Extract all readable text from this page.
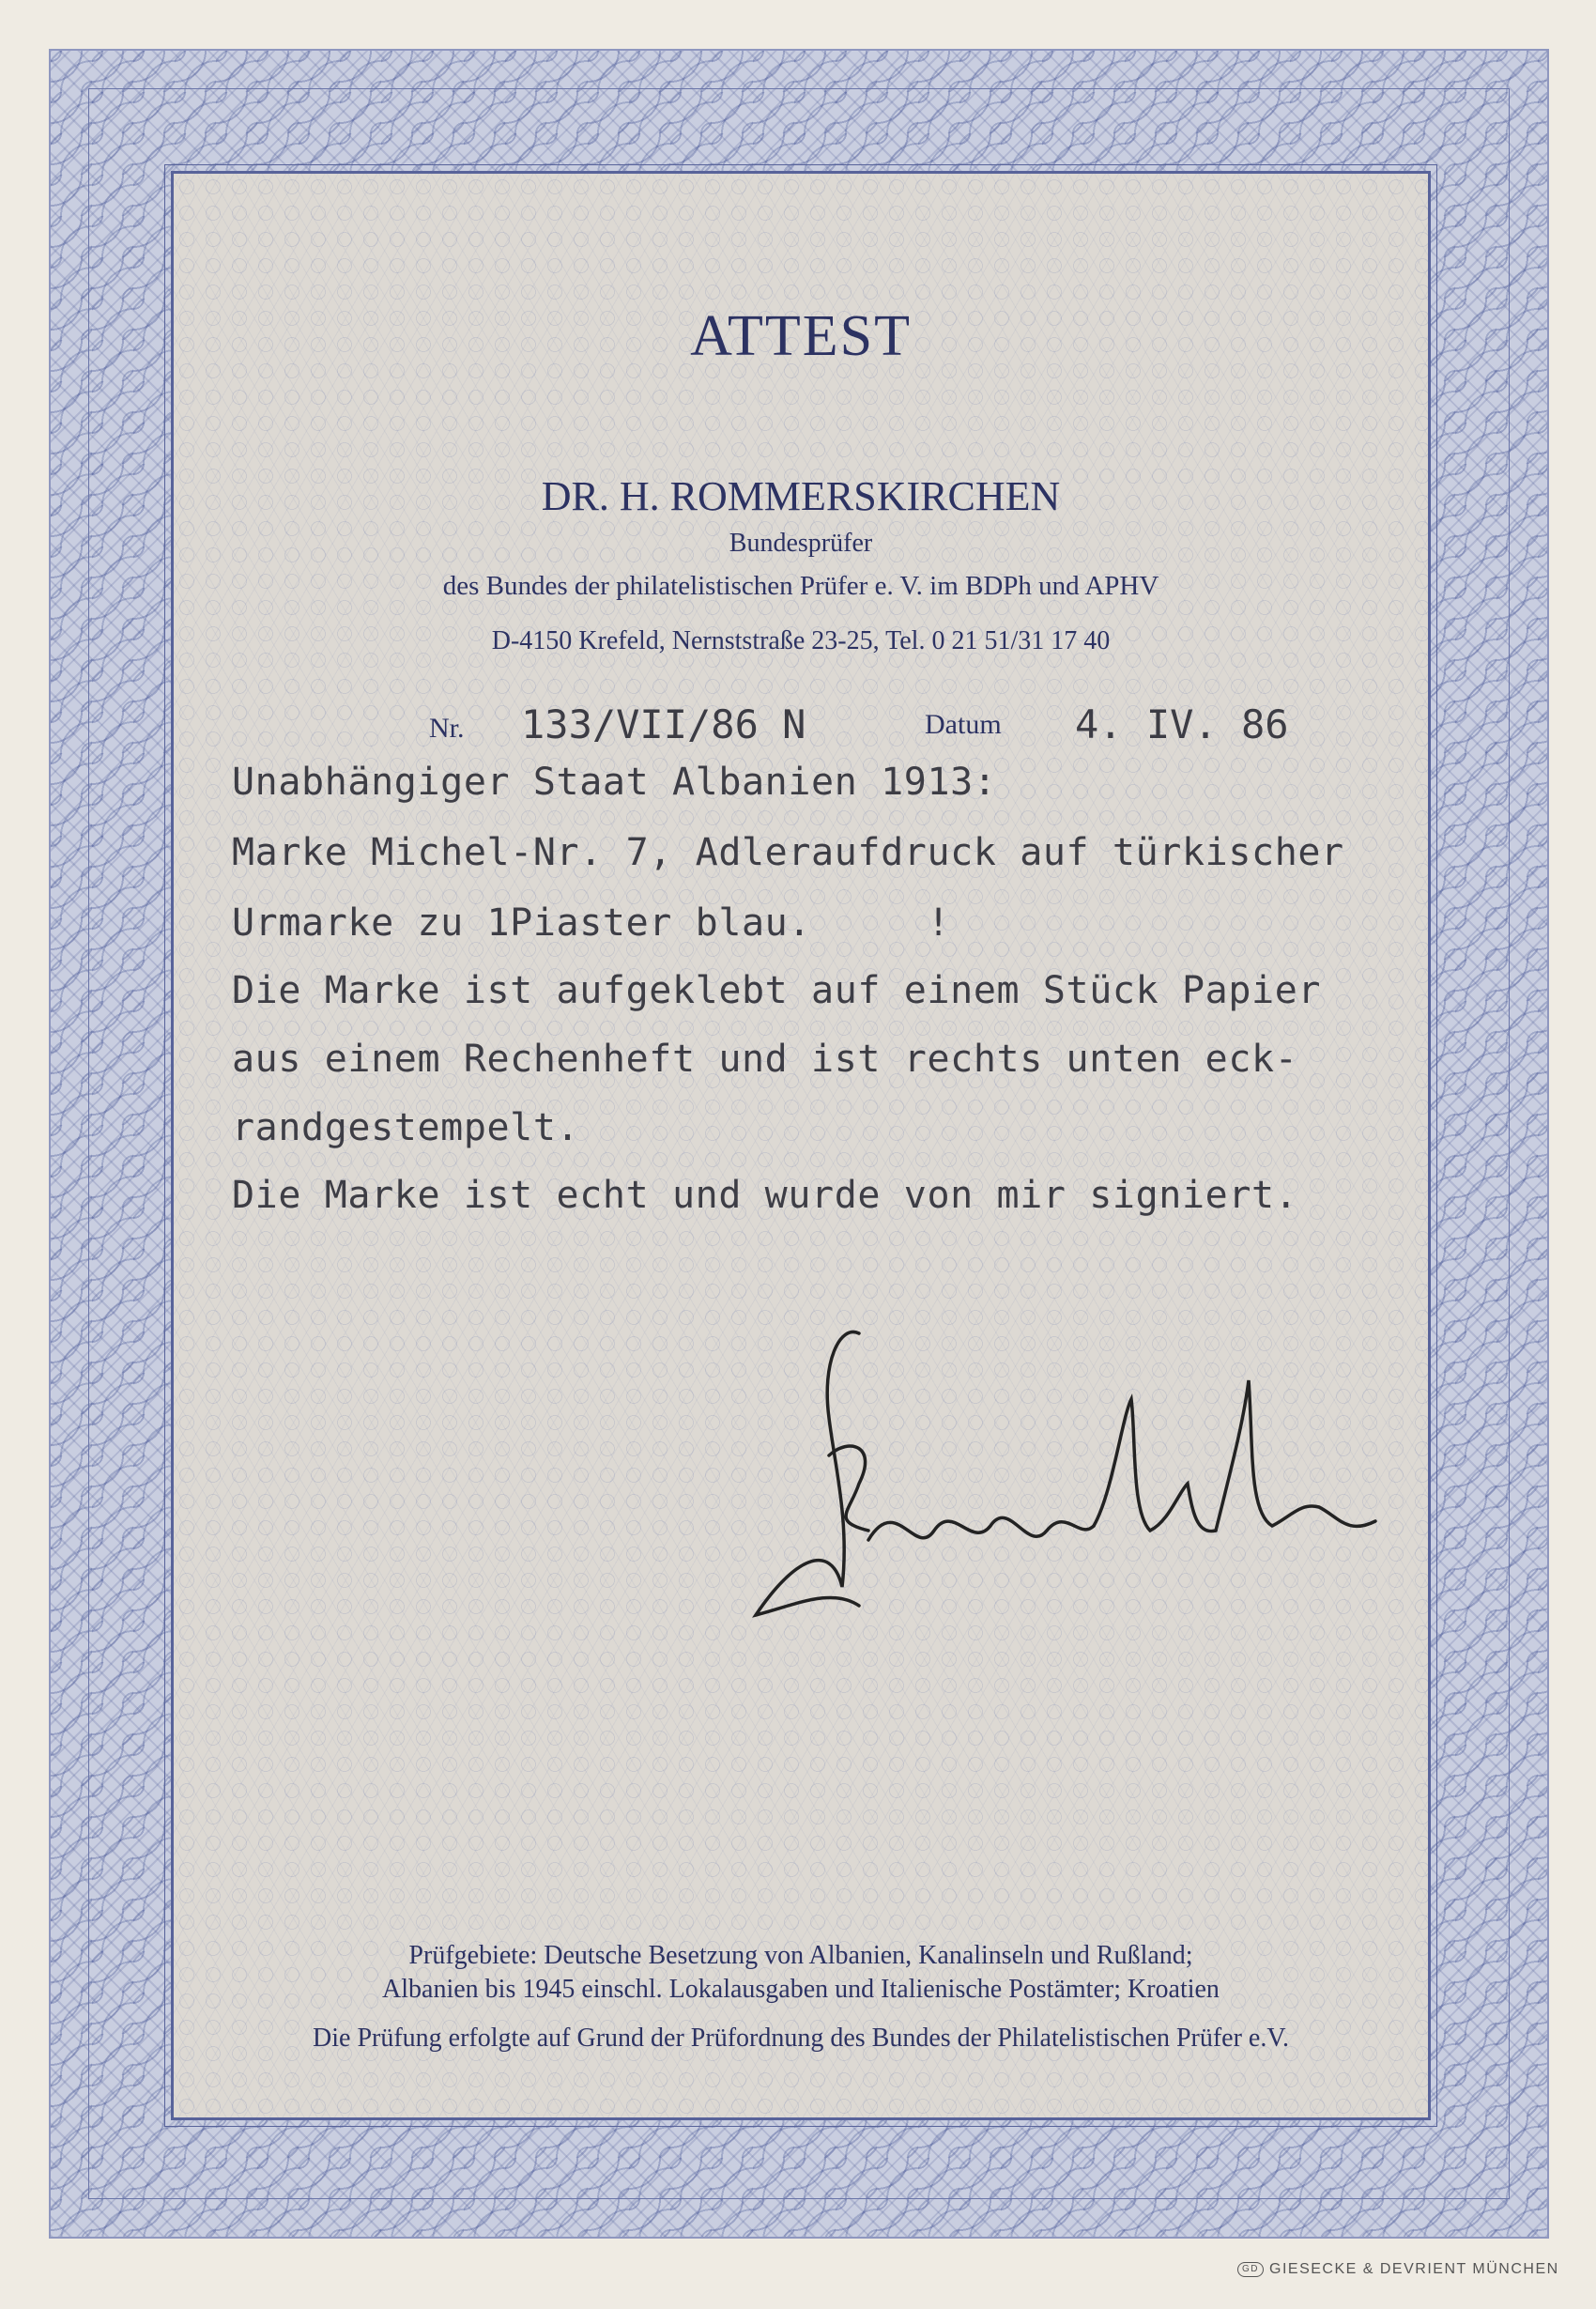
ATTEST
DR. H. ROMMERSKIRCHEN
Bundesprüfer
des Bundes der philatelistischen Prüfer e. V. im BDPh und APHV
D-4150 Krefeld, Nernststraße 23-25, Tel. 0 21 51/31 17 40
Nr. 133/VII/86 N	Datum 4. IV. 86
Unabhängiger Staat Albanien 1913:
Marke Michel-Nr. 7, Adleraufdruck auf türkischer
Urmarke zu 1Piaster blau.     !
Die Marke ist aufgeklebt auf einem Stück Papier
aus einem Rechenheft und ist rechts unten eck-
randgestempelt.
Die Marke ist echt und wurde von mir signiert.
Prüfgebiete: Deutsche Besetzung von Albanien, Kanalinseln und Rußland;
Albanien bis 1945 einschl. Lokalausgaben und Italienische Postämter; Kroatien
Die Prüfung erfolgte auf Grund der Prüfordnung des Bundes der Philatelistischen Prüfer e.V.
GD GIESECKE & DEVRIENT MÜNCHEN
